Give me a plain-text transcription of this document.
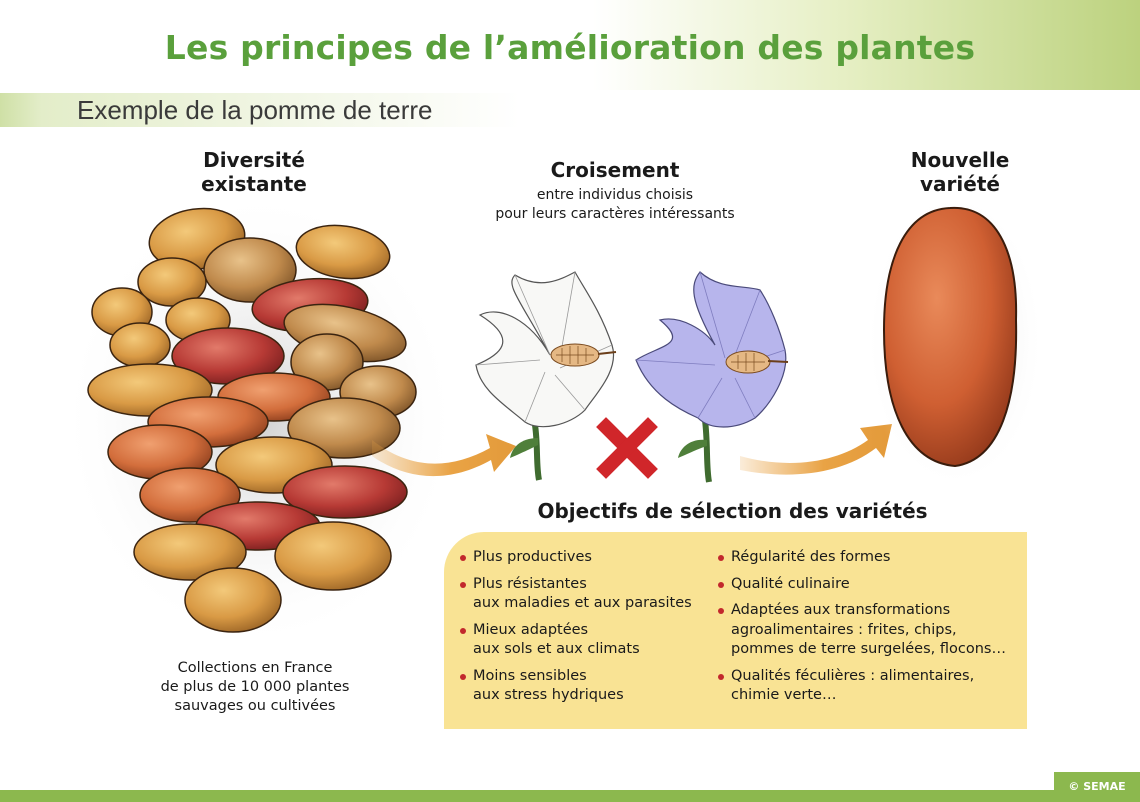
Les principes de l’amélioration des plantes
Exemple de la pomme de terre
Diversité
existante
Croisement
entre individus choisis
pour leurs caractères intéressants
Nouvelle
variété
Collections en France
de plus de 10 000 plantes
sauvages ou cultivées
Objectifs de sélection des variétés
Plus productives
Plus résistantes
aux maladies et aux parasites
Mieux adaptées
aux sols et aux climats
Moins sensibles
aux stress hydriques
Régularité des formes
Qualité culinaire
Adaptées aux transformations
agroalimentaires : frites, chips,
pommes de terre surgelées, flocons…
Qualités féculières : alimentaires,
chimie verte…
© SEMAE
